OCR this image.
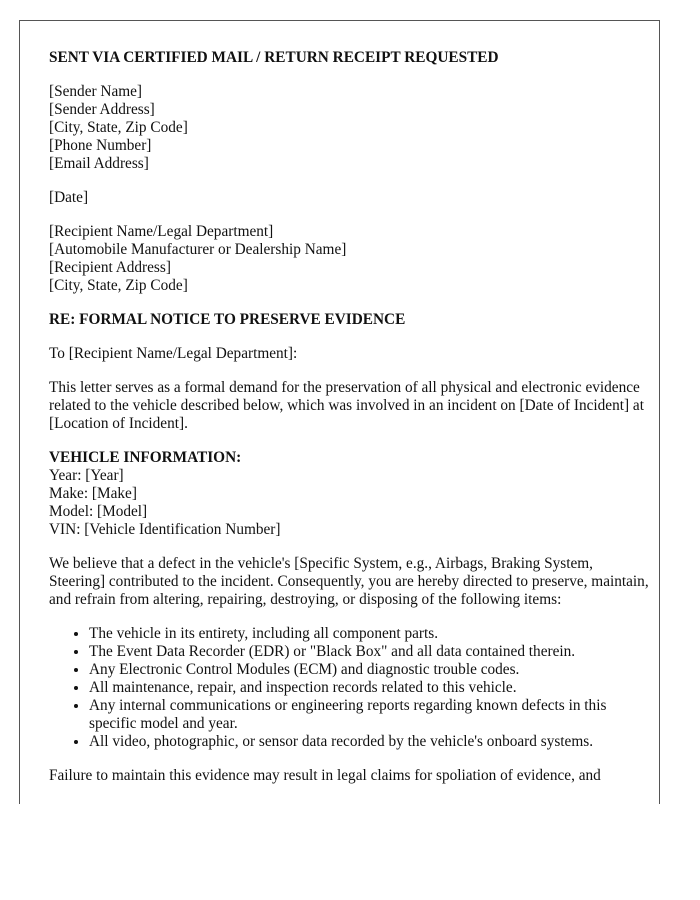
SENT VIA CERTIFIED MAIL / RETURN RECEIPT REQUESTED

[Sender Name]
[Sender Address]
[City, State, Zip Code]
[Phone Number]
[Email Address]

[Date]

[Recipient Name/Legal Department]
[Automobile Manufacturer or Dealership Name]
[Recipient Address]
[City, State, Zip Code]

RE: FORMAL NOTICE TO PRESERVE EVIDENCE

To [Recipient Name/Legal Department]:

This letter serves as a formal demand for the preservation of all physical and electronic evidence related to the vehicle described below, which was involved in an incident on [Date of Incident] at [Location of Incident].

VEHICLE INFORMATION:
Year: [Year]
Make: [Make]
Model: [Model]
VIN: [Vehicle Identification Number]

We believe that a defect in the vehicle's [Specific System, e.g., Airbags, Braking System, Steering] contributed to the incident. Consequently, you are hereby directed to preserve, maintain, and refrain from altering, repairing, destroying, or disposing of the following items:

• The vehicle in its entirety, including all component parts.
• The Event Data Recorder (EDR) or "Black Box" and all data contained therein.
• Any Electronic Control Modules (ECM) and diagnostic trouble codes.
• All maintenance, repair, and inspection records related to this vehicle.
• Any internal communications or engineering reports regarding known defects in this specific model and year.
• All video, photographic, or sensor data recorded by the vehicle's onboard systems.

Failure to maintain this evidence may result in legal claims for spoliation of evidence, and
